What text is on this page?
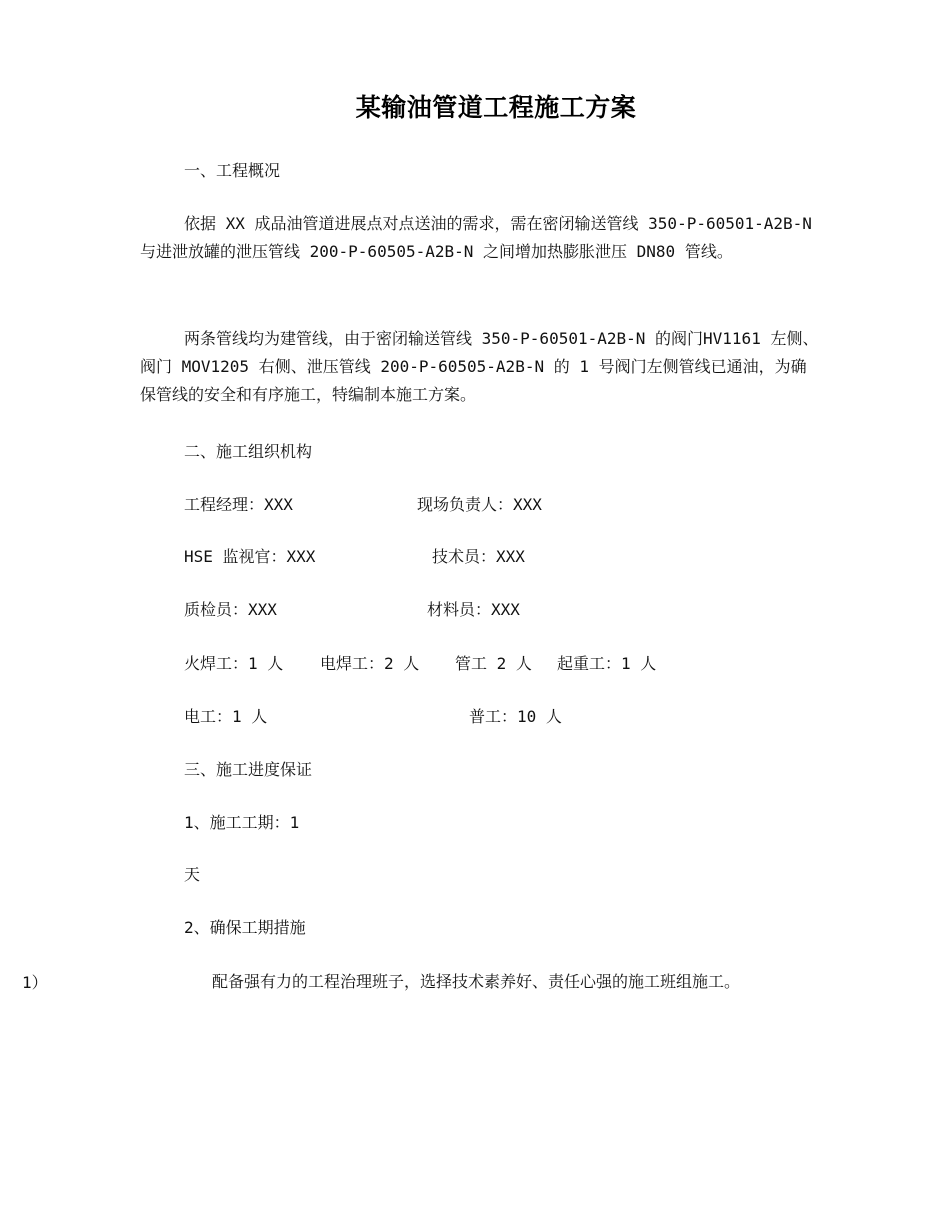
某输油管道工程施工方案
一、工程概况
依据 XX 成品油管道进展点对点送油的需求，需在密闭输送管线 350-P-60501-A2B-N 与进泄放罐的泄压管线 200-P-60505-A2B-N 之间增加热膨胀泄压 DN80 管线。
两条管线均为建管线，由于密闭输送管线 350-P-60501-A2B-N 的阀门HV1161 左侧、阀门 MOV1205 右侧、泄压管线 200-P-60505-A2B-N 的 1 号阀门左侧管线已通油，为确保管线的安全和有序施工，特编制本施工方案。
二、施工组织机构
工程经理：XXX	现场负责人：XXX
HSE 监视官：XXX	技术员：XXX
质检员：XXX	材料员：XXX
火焊工：1 人 电焊工：2 人 管工 2 人 起重工：1 人
电工：1 人	普工：10 人
三、施工进度保证
1、施工工期：1
天
2、确保工期措施
1）	配备强有力的工程治理班子，选择技术素养好、责任心强的施工班组施工。
